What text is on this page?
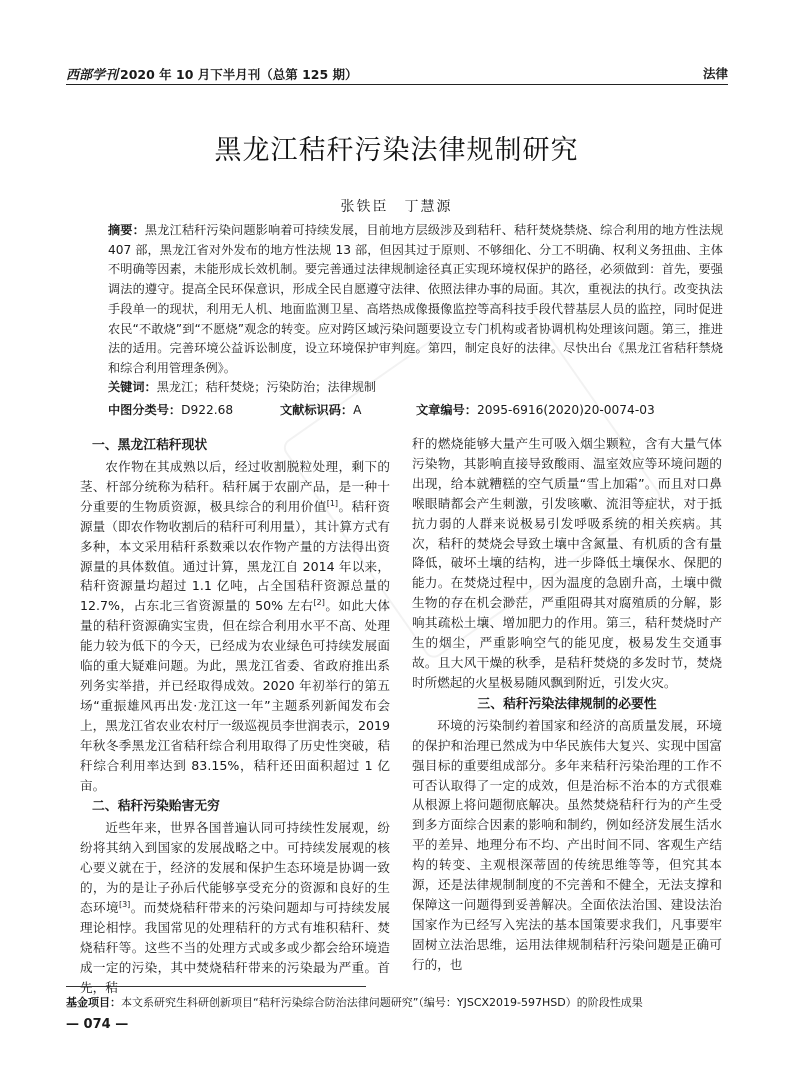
西部学刊 2020 年 10 月下半月刊（总第 125 期）	法律
黑龙江秸秆污染法律规制研究
张铁臣　丁慧源
摘要：黑龙江秸秆污染问题影响着可持续发展，目前地方层级涉及到秸秆、秸秆焚烧禁烧、综合利用的地方性法规 407 部，黑龙江省对外发布的地方性法规 13 部，但因其过于原则、不够细化、分工不明确、权利义务扭曲、主体不明确等因素，未能形成长效机制。要完善通过法律规制途径真正实现环境权保护的路径，必须做到：首先，要强调法的遵守。提高全民环保意识，形成全民自愿遵守法律、依照法律办事的局面。其次，重视法的执行。改变执法手段单一的现状，利用无人机、地面监测卫星、高塔热成像摄像监控等高科技手段代替基层人员的监控，同时促进农民“不敢烧”到“不愿烧”观念的转变。应对跨区域污染问题要设立专门机构或者协调机构处理该问题。第三，推进法的适用。完善环境公益诉讼制度，设立环境保护审判庭。第四，制定良好的法律。尽快出台《黑龙江省秸秆禁烧和综合利用管理条例》。
关键词：黑龙江；秸秆焚烧；污染防治；法律规制
中图分类号：D922.68	文献标识码：A	文章编号：2095-6916(2020)20-0074-03
一、黑龙江秸秆现状

农作物在其成熟以后，经过收割脱粒处理，剩下的茎、杆部分统称为秸秆。秸秆属于农副产品，是一种十分重要的生物质资源，极具综合的利用价值[1]。秸秆资源量（即农作物收割后的秸秆可利用量），其计算方式有多种，本文采用秸秆系数乘以农作物产量的方法得出资源量的具体数值。通过计算，黑龙江自 2014 年以来，秸秆资源量均超过 1.1 亿吨，占全国秸秆资源总量的 12.7%，占东北三省资源量的 50% 左右[2]。如此大体量的秸秆资源确实宝贵，但在综合利用水平不高、处理能力较为低下的今天，已经成为农业绿色可持续发展面临的重大疑难问题。为此，黑龙江省委、省政府推出系列务实举措，并已经取得成效。2020 年初举行的第五场“重振雄风再出发·龙江这一年”主题系列新闻发布会上，黑龙江省农业农村厅一级巡视员李世润表示，2019 年秋冬季黑龙江省秸秆综合利用取得了历史性突破，秸秆综合利用率达到 83.15%，秸秆还田面积超过 1 亿亩。

二、秸秆污染贻害无穷

近些年来，世界各国普遍认同可持续性发展观，纷纷将其纳入到国家的发展战略之中。可持续发展观的核心要义就在于，经济的发展和保护生态环境是协调一致的，为的是让子孙后代能够享受充分的资源和良好的生态环境[3]。而焚烧秸秆带来的污染问题却与可持续发展理论相悖。我国常见的处理秸秆的方式有堆积秸秆、焚烧秸秆等。这些不当的处理方式或多或少都会给环境造成一定的污染，其中焚烧秸秆带来的污染最为严重。首先，秸

秆的燃烧能够大量产生可吸入烟尘颗粒，含有大量气体污染物，其影响直接导致酸雨、温室效应等环境问题的出现，给本就糟糕的空气质量“雪上加霜”。而且对口鼻喉眼睛都会产生刺激，引发咳嗽、流泪等症状，对于抵抗力弱的人群来说极易引发呼吸系统的相关疾病。其次，秸秆的焚烧会导致土壤中含氮量、有机质的含有量降低，破坏土壤的结构，进一步降低土壤保水、保肥的能力。在焚烧过程中，因为温度的急剧升高，土壤中微生物的存在机会渺茫，严重阻碍其对腐殖质的分解，影响其疏松土壤、增加肥力的作用。第三，秸秆焚烧时产生的烟尘，严重影响空气的能见度，极易发生交通事故。且大风干燥的秋季，是秸秆焚烧的多发时节，焚烧时所燃起的火星极易随风飘到附近，引发火灾。

三、秸秆污染法律规制的必要性

环境的污染制约着国家和经济的高质量发展，环境的保护和治理已然成为中华民族伟大复兴、实现中国富强目标的重要组成部分。多年来秸秆污染治理的工作不可否认取得了一定的成效，但是治标不治本的方式很难从根源上将问题彻底解决。虽然焚烧秸秆行为的产生受到多方面综合因素的影响和制约，例如经济发展生活水平的差异、地理分布不均、产出时间不同、客观生产结构的转变、主观根深蒂固的传统思维等等，但究其本源，还是法律规制制度的不完善和不健全，无法支撑和保障这一问题得到妥善解决。全面依法治国、建设法治国家作为已经写入宪法的基本国策要求我们，凡事要牢固树立法治思维，运用法律规制秸秆污染问题是正确可行的，也

基金项目：本文系研究生科研创新项目“秸秆污染综合防治法律问题研究”（编号：YJSCX2019-597HSD）的阶段性成果
— 074 —
